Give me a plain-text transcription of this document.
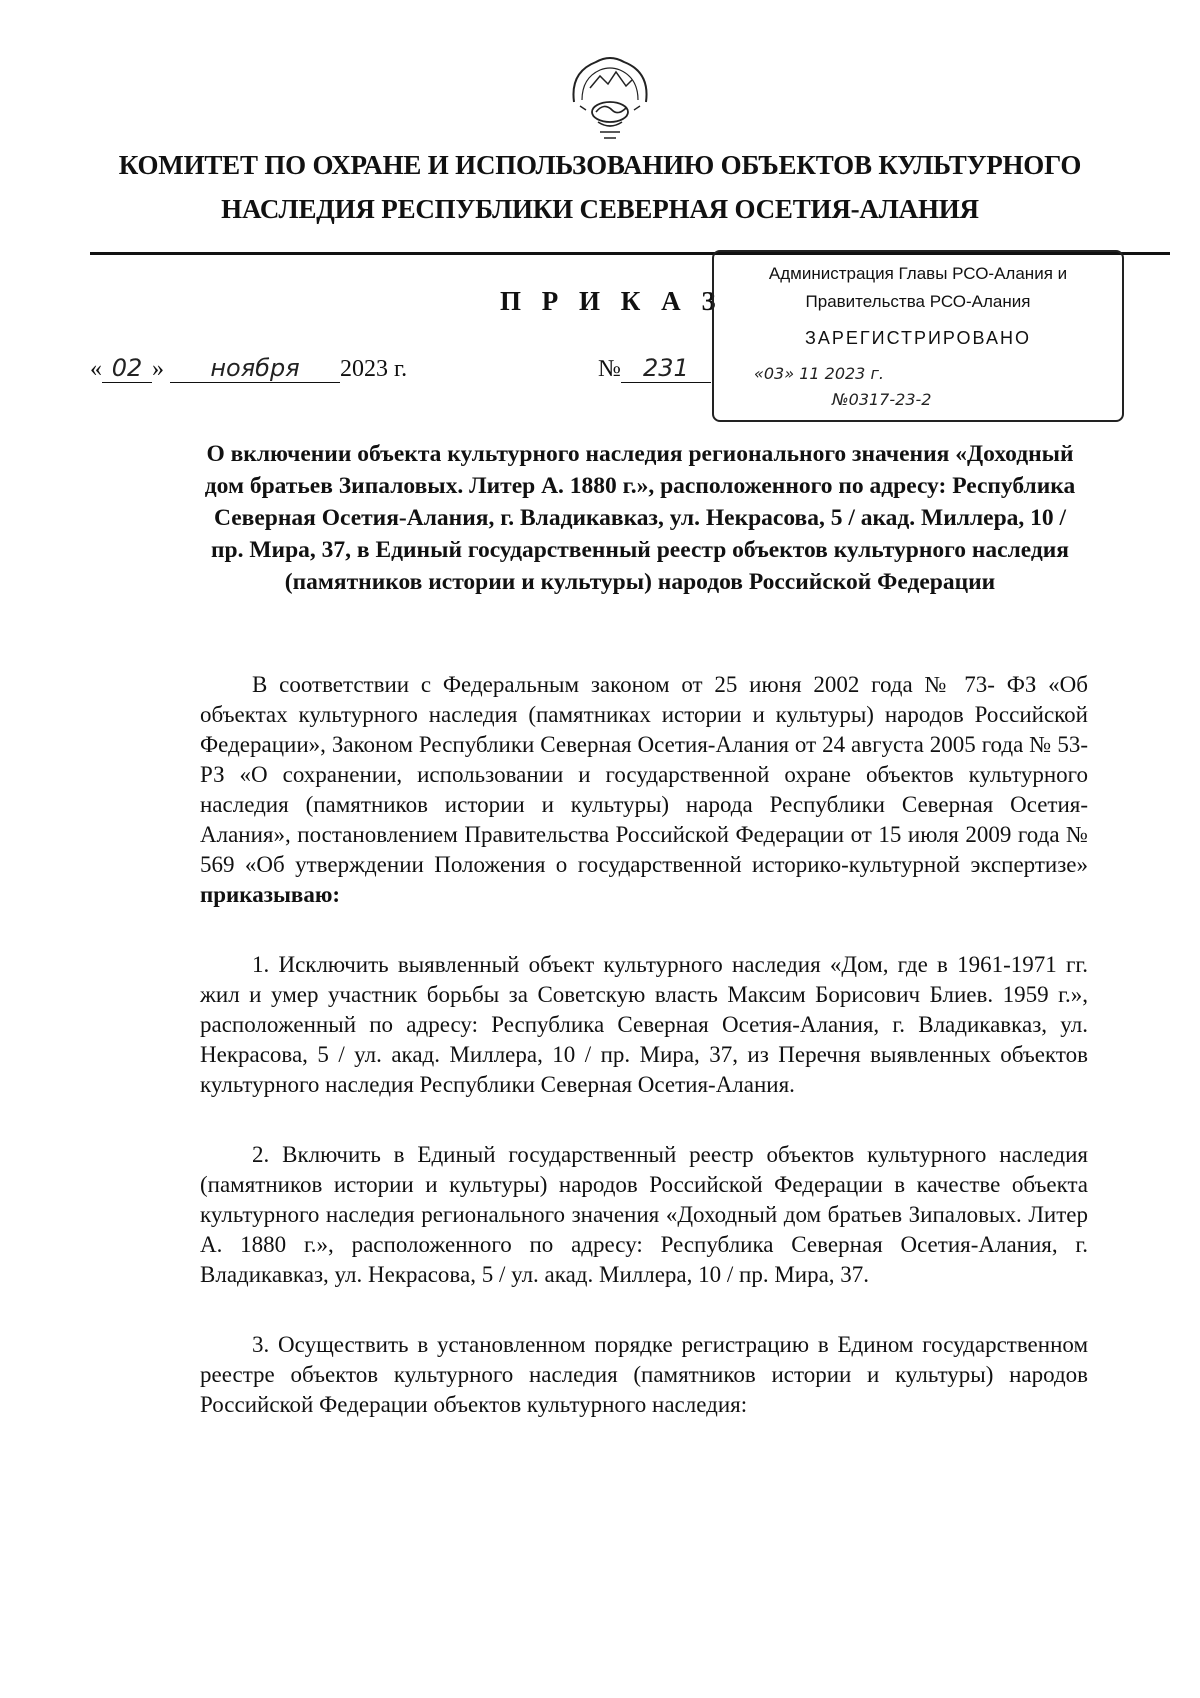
КОМИТЕТ ПО ОХРАНЕ И ИСПОЛЬЗОВАНИЮ ОБЪЕКТОВ КУЛЬТУРНОГО
НАСЛЕДИЯ РЕСПУБЛИКИ СЕВЕРНАЯ ОСЕТИЯ-АЛАНИЯ
П Р И К А З
Администрация Главы РСО-Алания и
Правительства РСО-Алания
ЗАРЕГИСТРИРОВАНО
«03» 11 2023 г.
№0317-23-2
« 02 » ноября 2023 г.	№ 231
О включении объекта культурного наследия регионального значения «Доходный дом братьев Зипаловых. Литер А. 1880 г.», расположенного по адресу: Республика Северная Осетия-Алания, г. Владикавказ, ул. Некрасова, 5 / акад. Миллера, 10 / пр. Мира, 37, в Единый государственный реестр объектов культурного наследия (памятников истории и культуры) народов Российской Федерации
В соответствии с Федеральным законом от 25 июня 2002 года № 73- ФЗ «Об объектах культурного наследия (памятниках истории и культуры) народов Российской Федерации», Законом Республики Северная Осетия-Алания от 24 августа 2005 года № 53-РЗ «О сохранении, использовании и государственной охране объектов культурного наследия (памятников истории и культуры) народа Республики Северная Осетия-Алания», постановлением Правительства Российской Федерации от 15 июля 2009 года № 569 «Об утверждении Положения о государственной историко-культурной экспертизе» приказываю:
1. Исключить выявленный объект культурного наследия «Дом, где в 1961-1971 гг. жил и умер участник борьбы за Советскую власть Максим Борисович Блиев. 1959 г.», расположенный по адресу: Республика Северная Осетия-Алания, г. Владикавказ, ул. Некрасова, 5 / ул. акад. Миллера, 10 / пр. Мира, 37, из Перечня выявленных объектов культурного наследия Республики Северная Осетия-Алания.
2. Включить в Единый государственный реестр объектов культурного наследия (памятников истории и культуры) народов Российской Федерации в качестве объекта культурного наследия регионального значения «Доходный дом братьев Зипаловых. Литер А. 1880 г.», расположенного по адресу: Республика Северная Осетия-Алания, г. Владикавказ, ул. Некрасова, 5 / ул. акад. Миллера, 10 / пр. Мира, 37.
3. Осуществить в установленном порядке регистрацию в Едином государственном реестре объектов культурного наследия (памятников истории и культуры) народов Российской Федерации объектов культурного наследия:
